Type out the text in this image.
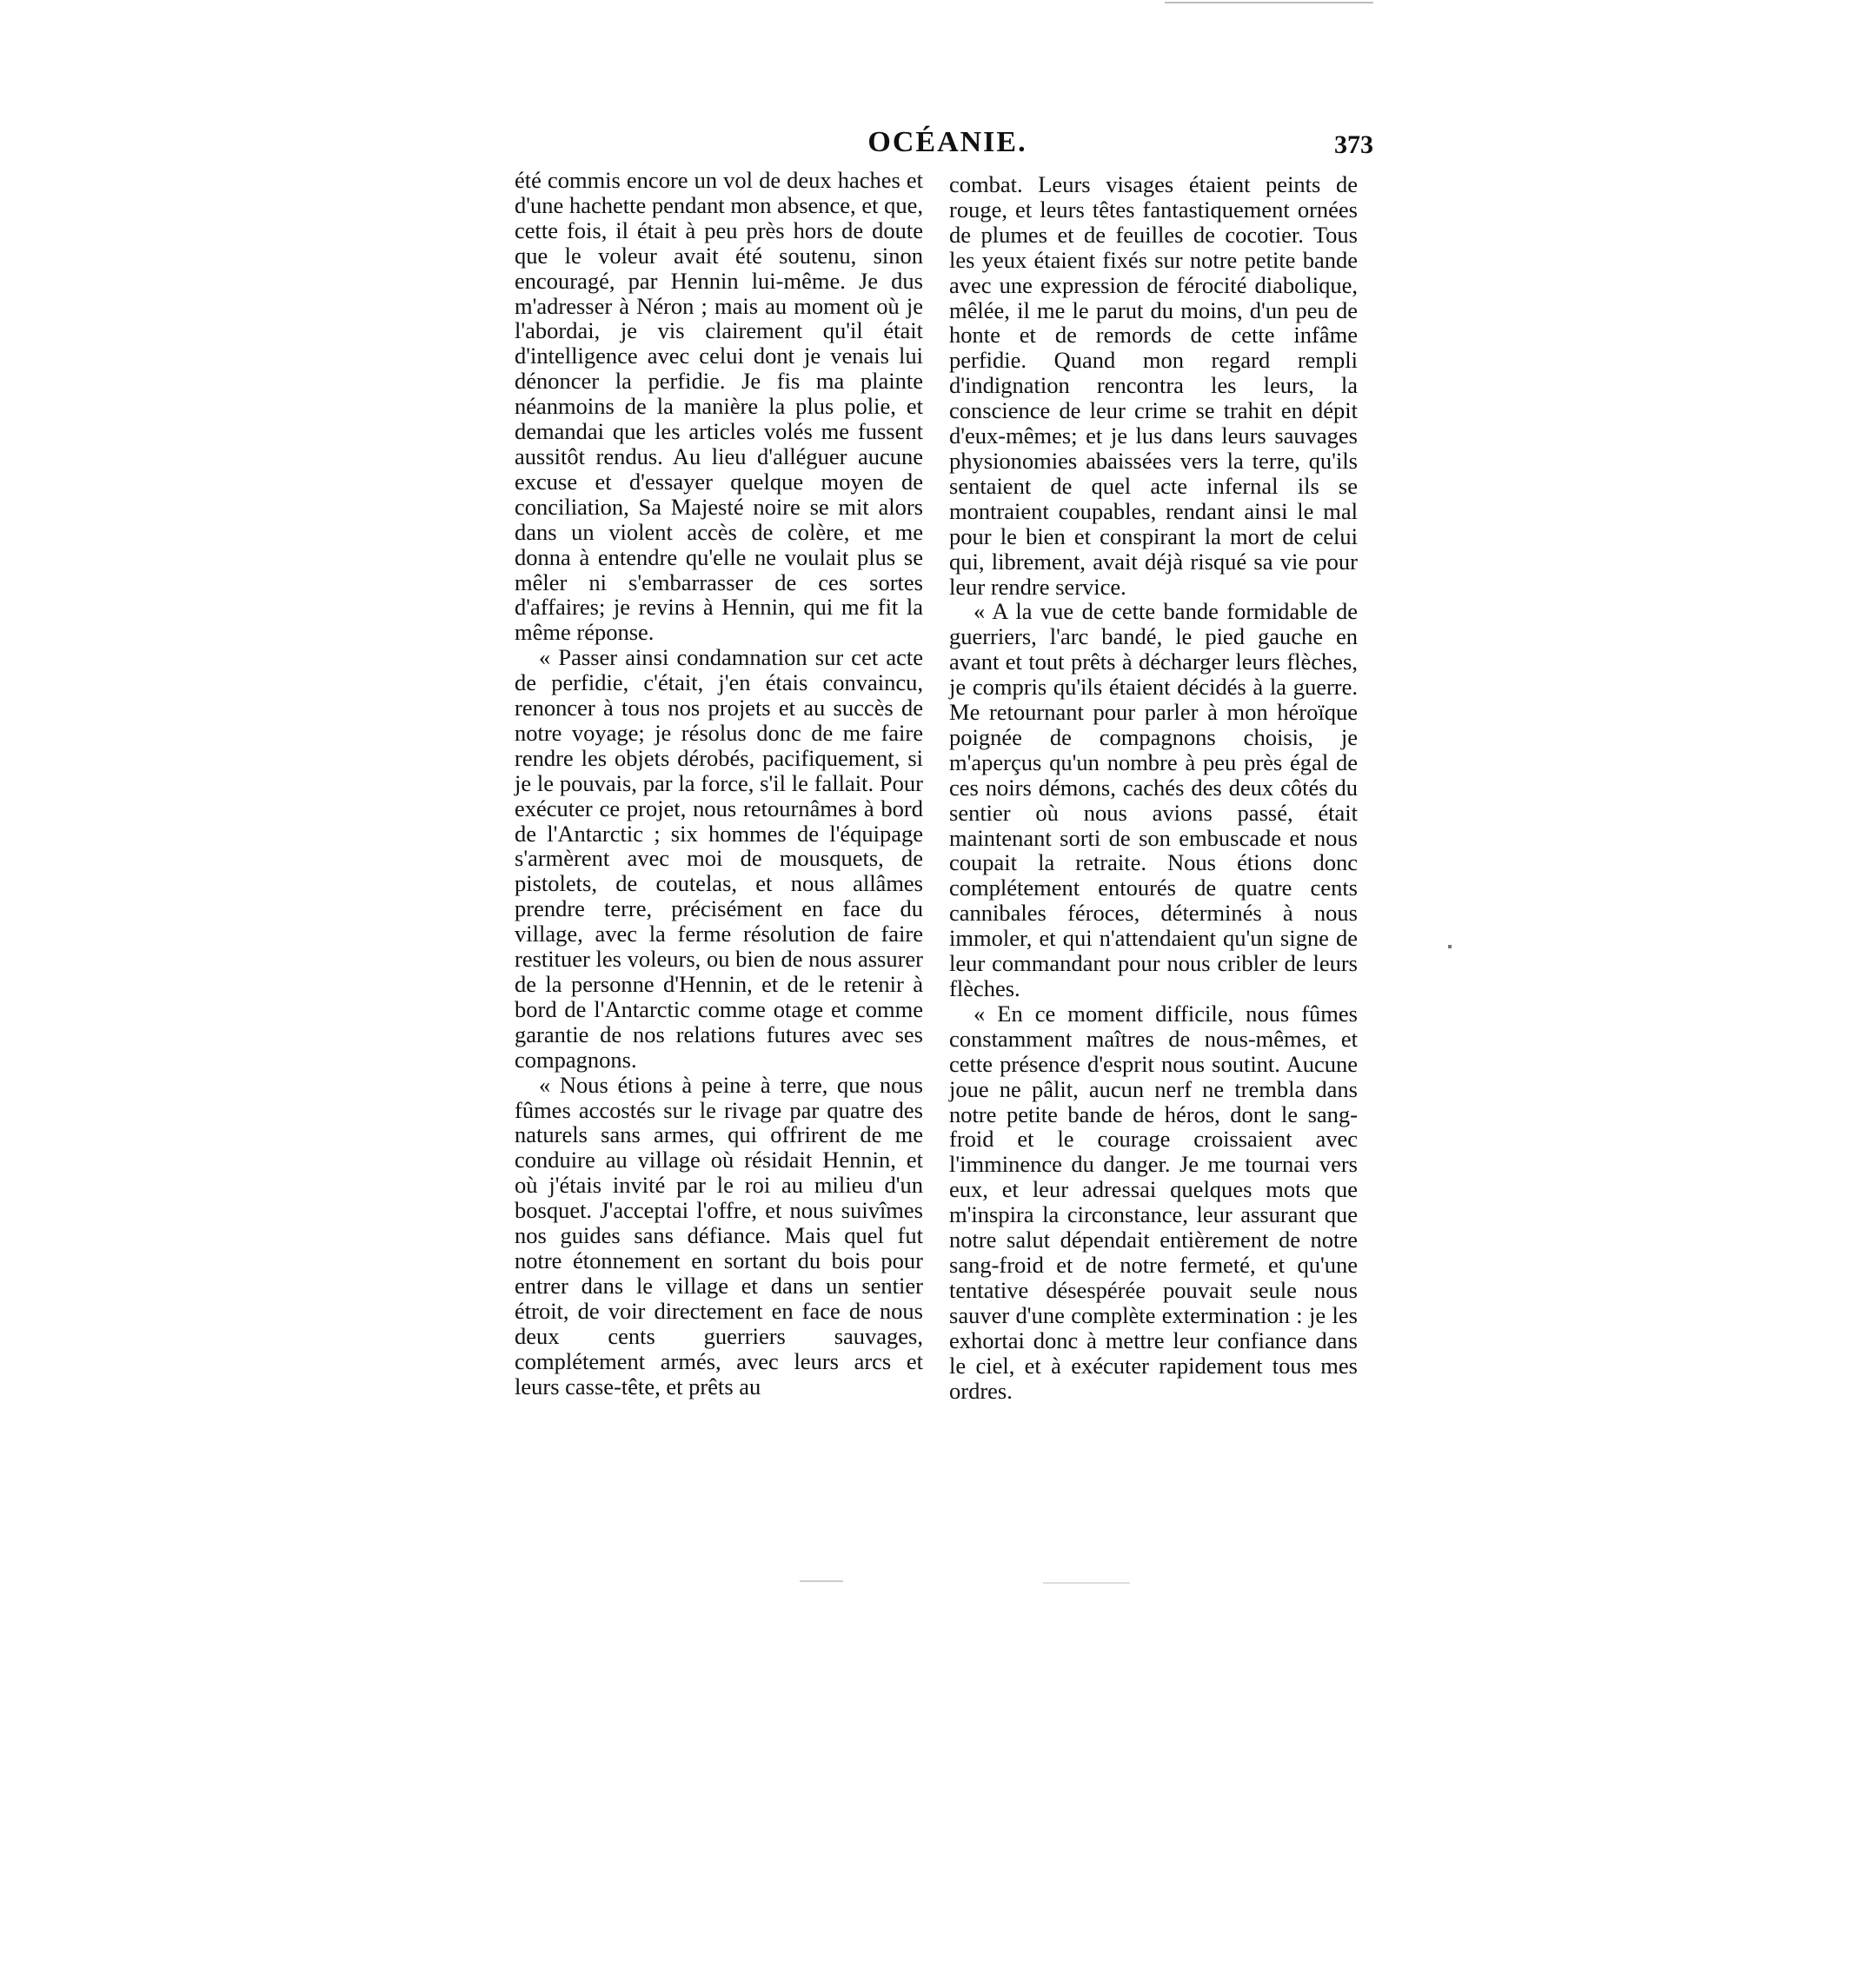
OCÉANIE.	373

été commis encore un vol de deux haches et d'une hachette pendant mon absence, et que, cette fois, il était à peu près hors de doute que le voleur avait été soutenu, sinon encouragé, par Hennin lui-même. Je dus m'adresser à Néron ; mais au moment où je l'abordai, je vis clairement qu'il était d'intelligence avec celui dont je venais lui dénoncer la perfidie. Je fis ma plainte néanmoins de la manière la plus polie, et demandai que les articles volés me fussent aussitôt rendus. Au lieu d'alléguer aucune excuse et d'essayer quelque moyen de conciliation, Sa Majesté noire se mit alors dans un violent accès de colère, et me donna à entendre qu'elle ne voulait plus se mêler ni s'embarrasser de ces sortes d'affaires; je revins à Hennin, qui me fit la même réponse.

« Passer ainsi condamnation sur cet acte de perfidie, c'était, j'en étais convaincu, renoncer à tous nos projets et au succès de notre voyage; je résolus donc de me faire rendre les objets dérobés, pacifiquement, si je le pouvais, par la force, s'il le fallait. Pour exécuter ce projet, nous retournâmes à bord de l'Antarctic ; six hommes de l'équipage s'armèrent avec moi de mousquets, de pistolets, de coutelas, et nous allâmes prendre terre, précisément en face du village, avec la ferme résolution de faire restituer les voleurs, ou bien de nous assurer de la personne d'Hennin, et de le retenir à bord de l'Antarctic comme otage et comme garantie de nos relations futures avec ses compagnons.

« Nous étions à peine à terre, que nous fûmes accostés sur le rivage par quatre des naturels sans armes, qui offrirent de me conduire au village où résidait Hennin, et où j'étais invité par le roi au milieu d'un bosquet. J'acceptai l'offre, et nous suivîmes nos guides sans défiance. Mais quel fut notre étonnement en sortant du bois pour entrer dans le village et dans un sentier étroit, de voir directement en face de nous deux cents guerriers sauvages, complétement armés, avec leurs arcs et leurs casse-tête, et prêts au

combat. Leurs visages étaient peints de rouge, et leurs têtes fantastiquement ornées de plumes et de feuilles de cocotier. Tous les yeux étaient fixés sur notre petite bande avec une expression de férocité diabolique, mêlée, il me le parut du moins, d'un peu de honte et de remords de cette infâme perfidie. Quand mon regard rempli d'indignation rencontra les leurs, la conscience de leur crime se trahit en dépit d'eux-mêmes; et je lus dans leurs sauvages physionomies abaissées vers la terre, qu'ils sentaient de quel acte infernal ils se montraient coupables, rendant ainsi le mal pour le bien et conspirant la mort de celui qui, librement, avait déjà risqué sa vie pour leur rendre service.

« A la vue de cette bande formidable de guerriers, l'arc bandé, le pied gauche en avant et tout prêts à décharger leurs flèches, je compris qu'ils étaient décidés à la guerre. Me retournant pour parler à mon héroïque poignée de compagnons choisis, je m'aperçus qu'un nombre à peu près égal de ces noirs démons, cachés des deux côtés du sentier où nous avions passé, était maintenant sorti de son embuscade et nous coupait la retraite. Nous étions donc complétement entourés de quatre cents cannibales féroces, déterminés à nous immoler, et qui n'attendaient qu'un signe de leur commandant pour nous cribler de leurs flèches.

« En ce moment difficile, nous fûmes constamment maîtres de nous-mêmes, et cette présence d'esprit nous soutint. Aucune joue ne pâlit, aucun nerf ne trembla dans notre petite bande de héros, dont le sang-froid et le courage croissaient avec l'imminence du danger. Je me tournai vers eux, et leur adressai quelques mots que m'inspira la circonstance, leur assurant que notre salut dépendait entièrement de notre sang-froid et de notre fermeté, et qu'une tentative désespérée pouvait seule nous sauver d'une complète extermination : je les exhortai donc à mettre leur confiance dans le ciel, et à exécuter rapidement tous mes ordres.
